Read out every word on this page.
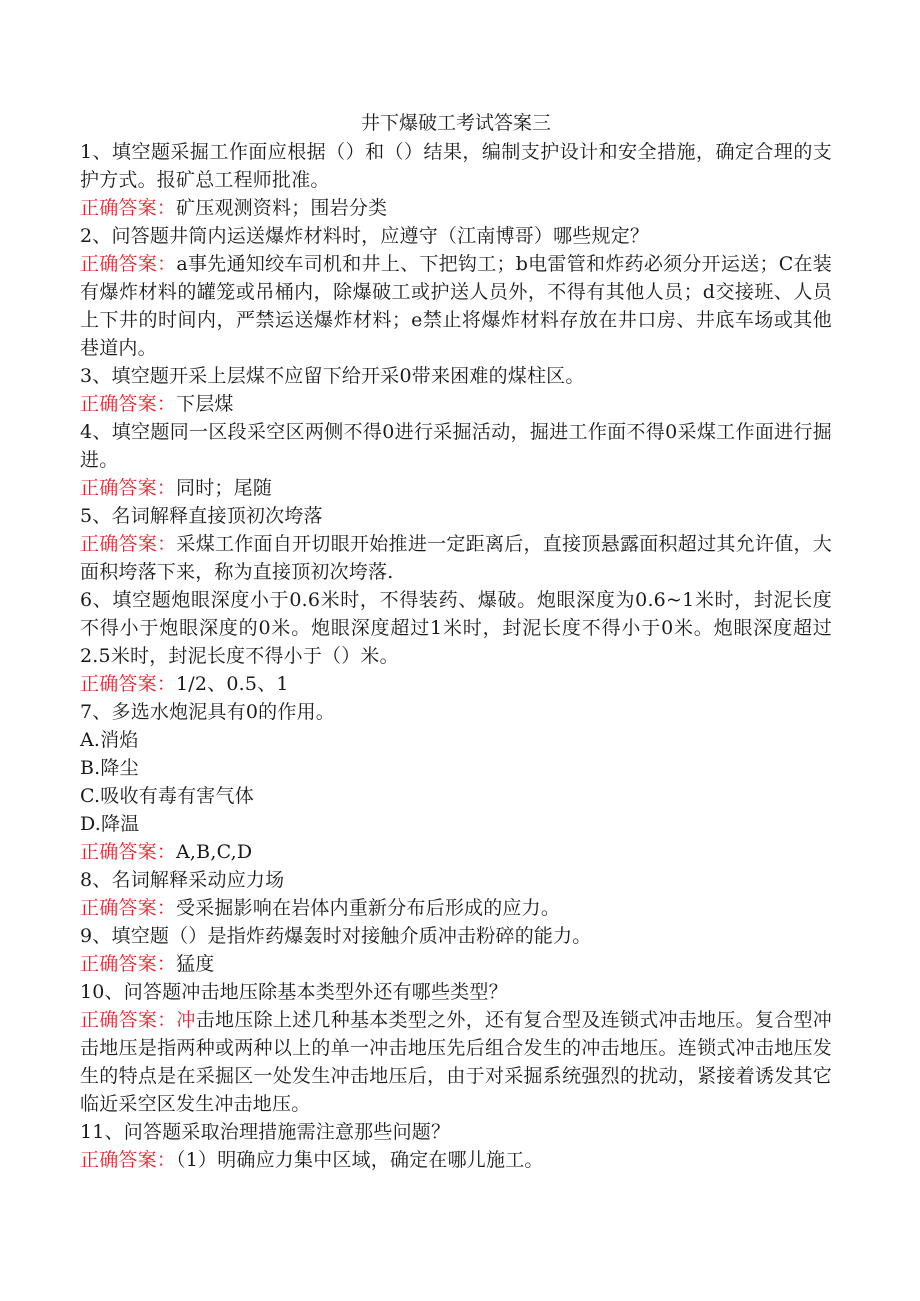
井下爆破工考试答案三

1、填空题采掘工作面应根据（）和（）结果，编制支护设计和安全措施，确定合理的支护方式。报矿总工程师批准。

正确答案：矿压观测资料；围岩分类

2、问答题井筒内运送爆炸材料时，应遵守（江南博哥）哪些规定？

正确答案：a事先通知绞车司机和井上、下把钩工；b电雷管和炸药必须分开运送；C在装有爆炸材料的罐笼或吊桶内，除爆破工或护送人员外，不得有其他人员；d交接班、人员上下井的时间内，严禁运送爆炸材料；e禁止将爆炸材料存放在井口房、井底车场或其他巷道内。

3、填空题开采上层煤不应留下给开采0带来困难的煤柱区。

正确答案：下层煤

4、填空题同一区段采空区两侧不得0进行采掘活动，掘进工作面不得0采煤工作面进行掘进。

正确答案：同时；尾随

5、名词解释直接顶初次垮落

正确答案：采煤工作面自开切眼开始推进一定距离后，直接顶悬露面积超过其允许值，大面积垮落下来，称为直接顶初次垮落.

6、填空题炮眼深度小于0.6米时，不得装药、爆破。炮眼深度为0.6~1米时，封泥长度不得小于炮眼深度的0米。炮眼深度超过1米时，封泥长度不得小于0米。炮眼深度超过2.5米时，封泥长度不得小于（）米。

正确答案：1/2、0.5、1

7、多选水炮泥具有0的作用。

A.消焰

B.降尘

C.吸收有毒有害气体

D.降温

正确答案：A,B,C,D

8、名词解释采动应力场

正确答案：受采掘影响在岩体内重新分布后形成的应力。

9、填空题（）是指炸药爆轰时对接触介质冲击粉碎的能力。

正确答案：猛度

10、问答题冲击地压除基本类型外还有哪些类型？

正确答案：冲击地压除上述几种基本类型之外，还有复合型及连锁式冲击地压。复合型冲击地压是指两种或两种以上的单一冲击地压先后组合发生的冲击地压。连锁式冲击地压发生的特点是在采掘区一处发生冲击地压后，由于对采掘系统强烈的扰动，紧接着诱发其它临近采空区发生冲击地压。

11、问答题采取治理措施需注意那些问题？

正确答案：（1）明确应力集中区域，确定在哪儿施工。
